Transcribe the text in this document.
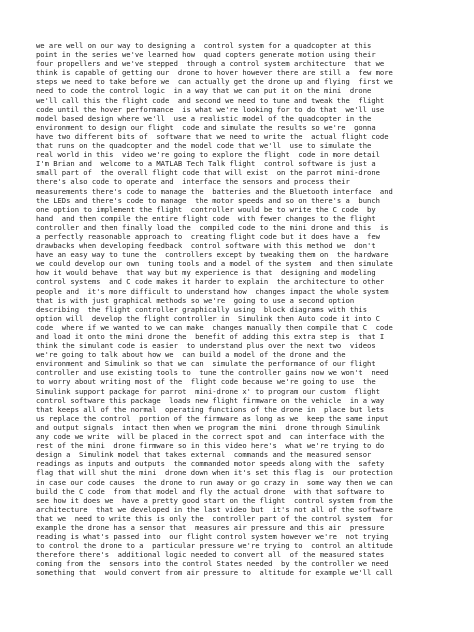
we are well on our way to designing a  control system for a quadcopter at this
point in the series we've learned how  quad copters generate motion using their
four propellers and we've stepped  through a control system architecture  that we
think is capable of getting our  drone to hover however there are still a  few more
steps we need to take before we  can actually get the drone up and flying  first we
need to code the control logic  in a way that we can put it on the mini  drone
we'll call this the flight code  and second we need to tune and tweak the  flight
code until the hover performance  is what we're looking for to do that  we'll use
model based design where we'll  use a realistic model of the quadcopter in the
environment to design our flight  code and simulate the results so we're  gonna
have two different bits of  software that we need to write the  actual flight code
that runs on the quadcopter and the model code that we'll  use to simulate the
real world in this  video we're going to explore the flight  code in more detail
I'm Brian and  welcome to a MATLAB Tech Talk flight  control software is just a
small part of  the overall flight code that will exist  on the parrot mini-drone
there's also code to operate and  interface the sensors and process their
measurements there's code to manage the  batteries and the Bluetooth interface  and
the LEDs and there's code to manage  the motor speeds and so on there's a  bunch
one option to implement the flight  controller would be to write the C code  by
hand  and then compile the entire flight code  with fewer changes to the flight
controller and then finally load the  compiled code to the mini drone and this  is
a perfectly reasonable approach to  creating flight code but it does have a  few
drawbacks when developing feedback  control software with this method we  don't
have an easy way to tune the  controllers except by tweaking them on  the hardware
we could develop our own  tuning tools and a model of the system  and then simulate
how it would behave  that way but my experience is that  designing and modeling
control systems  and C code makes it harder to explain  the architecture to other
people and  it's more difficult to understand how  changes impact the whole system
that is with just graphical methods so we're  going to use a second option
describing  the flight controller graphically using  block diagrams with this
option will  develop the flight controller in  Simulink then Auto code it into C
code  where if we wanted to we can make  changes manually then compile that C  code
and load it onto the mini drone the  benefit of adding this extra step is  that I
think the simulant code is easier  to understand plus over the next two  videos
we're going to talk about how we  can build a model of the drone and the
environment and Simulink so that we can  simulate the performance of our flight
controller and use existing tools to  tune the controller gains now we won't  need
to worry about writing most of the  flight code because we're going to use  the
Simulink support package for parrot  mini-drone x' to program our custom  flight
control software this package  loads new flight firmware on the vehicle  in a way
that keeps all of the normal  operating functions of the drone in  place but lets
us replace the control  portion of the firmware as long as we  keep the same input
and output signals  intact then when we program the mini  drone through Simulink
any code we write  will be placed in the correct spot and  can interface with the
rest of the mini  drone firmware so in this video here's  what we're trying to do
design a  Simulink model that takes external  commands and the measured sensor
readings as inputs and outputs  the commanded motor speeds along with the  safety
flag that will shut the mini  drone down when it's set this flag is  our protection
in case our code causes  the drone to run away or go crazy in  some way then we can
build the C code  from that model and fly the actual drone  with that software to
see how it does we  have a pretty good start on the flight  control system from the
architecture  that we developed in the last video but  it's not all of the software
that we  need to write this is only the  controller part of the control system  for
example the drone has a sensor that  measures air pressure and this air  pressure
reading is what's passed into  our flight control system however we're  not trying
to control the drone to a  particular pressure we're trying to  control an altitude
therefore there's  additional logic needed to convert all  of the measured states
coming from the  sensors into the control States needed  by the controller we need
something that  would convert from air pressure to  altitude for example we'll call
